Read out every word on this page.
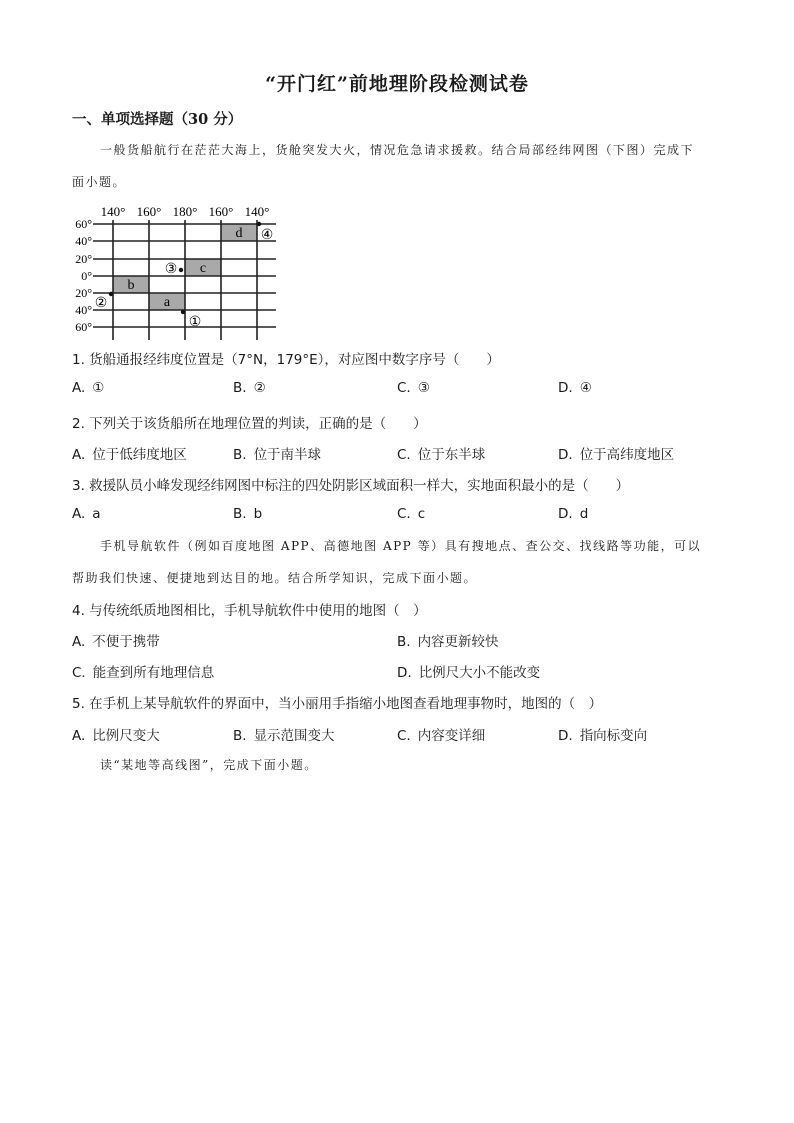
“开门红”前地理阶段检测试卷
一、单项选择题（30 分）
一般货船航行在茫茫大海上，货舱突发大火，情况危急请求援救。结合局部经纬网图（下图）完成下
面小题。
140° 160° 180° 160° 140°
60°
40°
20°
0°
20°
40°
60°
d
c
b
a
①
②
③
④
1. 货船通报经纬度位置是（7°N，179°E），对应图中数字序号（　　）
A. ①	B. ②	C. ③	D. ④
2. 下列关于该货船所在地理位置的判读，正确的是（　　）
A. 位于低纬度地区	B. 位于南半球	C. 位于东半球	D. 位于高纬度地区
3. 救援队员小峰发现经纬网图中标注的四处阴影区域面积一样大，实地面积最小的是（　　）
A. a	B. b	C. c	D. d
手机导航软件（例如百度地图 APP、高德地图 APP 等）具有搜地点、查公交、找线路等功能，可以
帮助我们快速、便捷地到达目的地。结合所学知识，完成下面小题。
4. 与传统纸质地图相比，手机导航软件中使用的地图（　）
A. 不便于携带	B. 内容更新较快
C. 能查到所有地理信息	D. 比例尺大小不能改变
5. 在手机上某导航软件的界面中，当小丽用手指缩小地图查看地理事物时，地图的（　）
A. 比例尺变大	B. 显示范围变大	C. 内容变详细	D. 指向标变向
读“某地等高线图”，完成下面小题。
